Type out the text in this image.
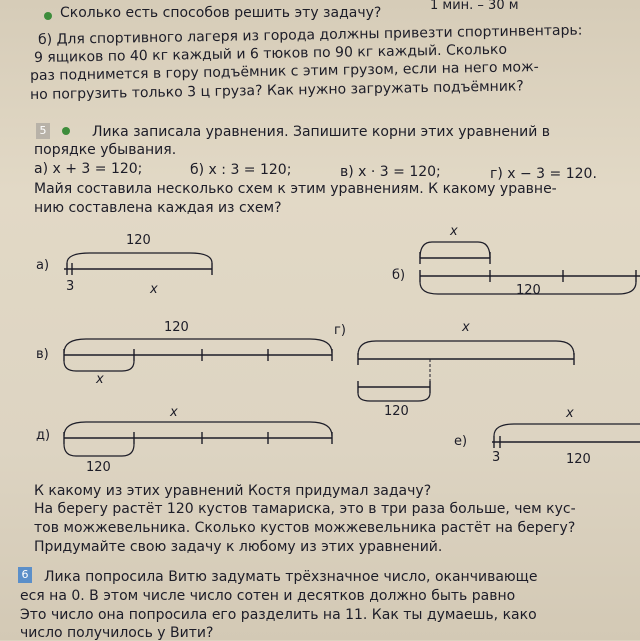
1 мин. – 30 м
Сколько есть способов решить эту задачу?
б) Для спортивного лагеря из города должны привезти спортинвентарь:
9 ящиков по 40 кг каждый и 6 тюков по 90 кг каждый. Сколько
раз поднимется в гору подъёмник с этим грузом, если на него мож-
но погрузить только 3 ц груза? Как нужно загружать подъёмник?
5	Лика записала уравнения. Запишите корни этих уравнений в
порядке убывания.
а) x + 3 = 120;	б) x : 3 = 120;	в) x · 3 = 120;	г) x − 3 = 120.
Майя составила несколько схем к этим уравнениям. К какому уравне-
нию составлена каждая из схем?
а)
120
3	x
б)
x
120
в)
120
x
г)	x
120
д)
x
120
е)
x
3	120
К какому из этих уравнений Костя придумал задачу?
На берегу растёт 120 кустов тамариска, это в три раза больше, чем кус-
тов можжевельника. Сколько кустов можжевельника растёт на берегу?
Придумайте свою задачу к любому из этих уравнений.
6 Лика попросила Витю задумать трёхзначное число, оканчивающе
еся на 0. В этом числе число сотен и десятков должно быть равно
Это число она попросила его разделить на 11. Как ты думаешь, како
число получилось у Вити?
